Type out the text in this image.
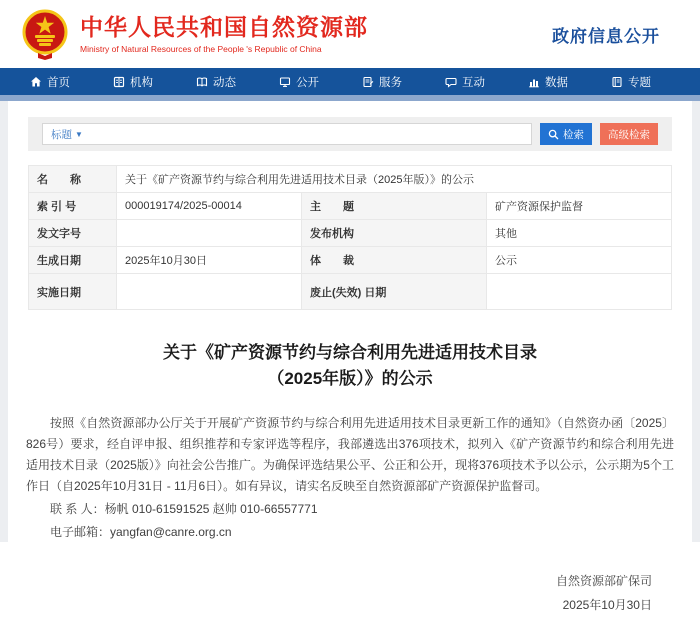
中华人民共和国自然资源部
Ministry of Natural Resources of the People 's Republic of China
政府信息公开
首页	机构	动态	公开	服务	互动	数据	专题
标题 ▼	检索 高级检索
名　　称	关于《矿产资源节约与综合利用先进适用技术目录（2025年版）》的公示		
索 引 号	000019174/2025-00014	主　　题	矿产资源保护监督
发文字号		发布机构	其他
生成日期	2025年10月30日	体　　裁	公示
实施日期		废止(失效) 日期	
关于《矿产资源节约与综合利用先进适用技术目录
（2025年版）》的公示

按照《自然资源部办公厅关于开展矿产资源节约与综合利用先进适用技术目录更新工作的通知》（自然资办函〔2025〕826号）要求，经自评申报、组织推荐和专家评选等程序，我部遴选出376项技术，拟列入《矿产资源节约和综合利用先进适用技术目录（2025版）》向社会公告推广。为确保评选结果公平、公正和公开，现将376项技术予以公示，公示期为5个工作日（自2025年10月31日 - 11月6日）。如有异议，请实名反映至自然资源部矿产资源保护监督司。

联 系 人：杨帆 010-61591525 赵帅 010-66557771

电子邮箱：yangfan@canre.org.cn

自然资源部矿保司
2025年10月30日
